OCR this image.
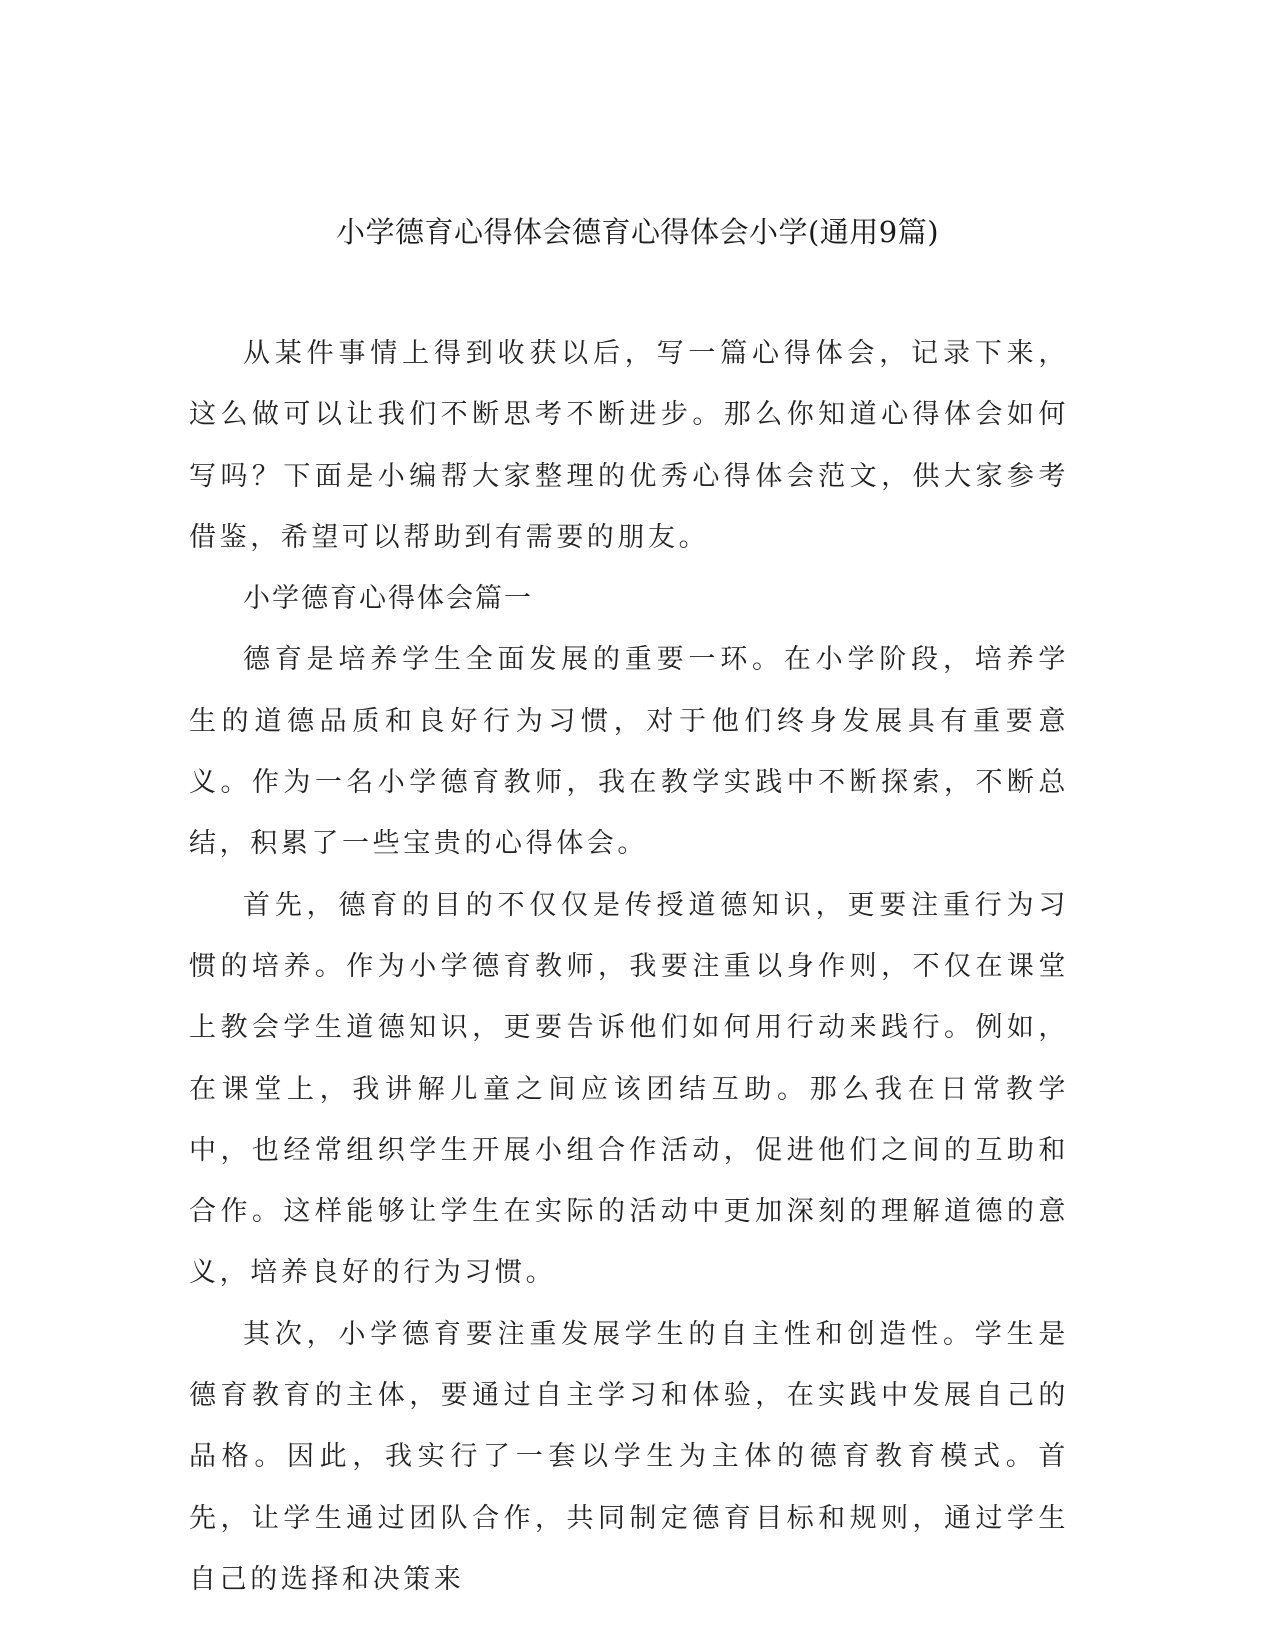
小学德育心得体会德育心得体会小学(通用9篇)

从某件事情上得到收获以后，写一篇心得体会，记录下来，这么做可以让我们不断思考不断进步。那么你知道心得体会如何写吗？下面是小编帮大家整理的优秀心得体会范文，供大家参考借鉴，希望可以帮助到有需要的朋友。

小学德育心得体会篇一

德育是培养学生全面发展的重要一环。在小学阶段，培养学生的道德品质和良好行为习惯，对于他们终身发展具有重要意义。作为一名小学德育教师，我在教学实践中不断探索，不断总结，积累了一些宝贵的心得体会。

首先，德育的目的不仅仅是传授道德知识，更要注重行为习惯的培养。作为小学德育教师，我要注重以身作则，不仅在课堂上教会学生道德知识，更要告诉他们如何用行动来践行。例如，在课堂上，我讲解儿童之间应该团结互助。那么我在日常教学中，也经常组织学生开展小组合作活动，促进他们之间的互助和合作。这样能够让学生在实际的活动中更加深刻的理解道德的意义，培养良好的行为习惯。

其次，小学德育要注重发展学生的自主性和创造性。学生是德育教育的主体，要通过自主学习和体验，在实践中发展自己的品格。因此，我实行了一套以学生为主体的德育教育模式。首先，让学生通过团队合作，共同制定德育目标和规则，通过学生自己的选择和决策来
